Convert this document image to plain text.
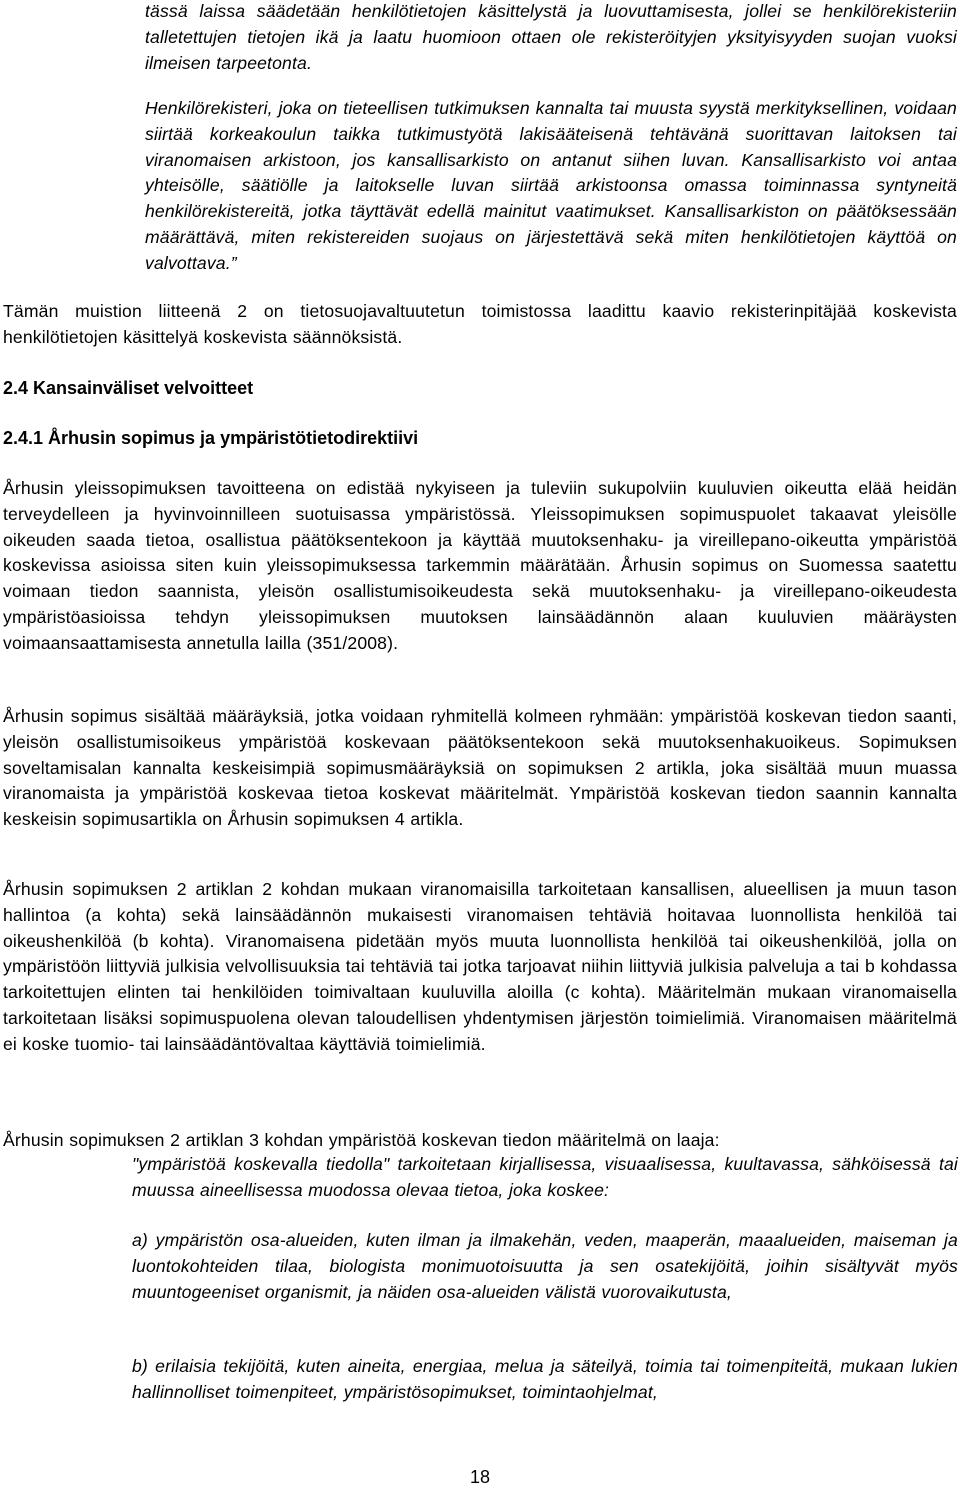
tässä laissa säädetään henkilötietojen käsittelystä ja luovuttamisesta, jollei se henkilörekisteriin talletettujen tietojen ikä ja laatu huomioon ottaen ole rekisteröityjen yksityisyyden suojan vuoksi ilmeisen tarpeetonta.

Henkilörekisteri, joka on tieteellisen tutkimuksen kannalta tai muusta syystä merkityksellinen, voidaan siirtää korkeakoulun taikka tutkimustyötä lakisääteisenä tehtävänä suorittavan laitoksen tai viranomaisen arkistoon, jos kansallisarkisto on antanut siihen luvan. Kansallisarkisto voi antaa yhteisölle, säätiölle ja laitokselle luvan siirtää arkistoonsa omassa toiminnassa syntyneitä henkilörekistereitä, jotka täyttävät edellä mainitut vaatimukset. Kansallisarkiston on päätöksessään määrättävä, miten rekistereiden suojaus on järjestettävä sekä miten henkilötietojen käyttöä on valvottava.”

Tämän muistion liitteenä 2 on tietosuojavaltuutetun toimistossa laadittu kaavio rekisterinpitäjää koskevista henkilötietojen käsittelyä koskevista säännöksistä.

2.4 Kansainväliset velvoitteet
2.4.1 Århusin sopimus ja ympäristötietodirektiivi

Århusin yleissopimuksen tavoitteena on edistää nykyiseen ja tuleviin sukupolviin kuuluvien oikeutta elää heidän terveydelleen ja hyvinvoinnilleen suotuisassa ympäristössä. Yleissopimuksen sopimuspuolet takaavat yleisölle oikeuden saada tietoa, osallistua päätöksentekoon ja käyttää muutoksenhaku- ja vireillepano-oikeutta ympäristöä koskevissa asioissa siten kuin yleissopimuksessa tarkemmin määrätään. Århusin sopimus on Suomessa saatettu voimaan tiedon saannista, yleisön osallistumisoikeudesta sekä muutoksenhaku- ja vireillepano-oikeudesta ympäristöasioissa tehdyn yleissopimuksen muutoksen lainsäädännön alaan kuuluvien määräysten voimaansaattamisesta annetulla lailla (351/2008).

Århusin sopimus sisältää määräyksiä, jotka voidaan ryhmitellä kolmeen ryhmään: ympäristöä koskevan tiedon saanti, yleisön osallistumisoikeus ympäristöä koskevaan päätöksentekoon sekä muutoksenhakuoikeus. Sopimuksen soveltamisalan kannalta keskeisimpiä sopimusmääräyksiä on sopimuksen 2 artikla, joka sisältää muun muassa viranomaista ja ympäristöä koskevaa tietoa koskevat määritelmät. Ympäristöä koskevan tiedon saannin kannalta keskeisin sopimusartikla on Århusin sopimuksen 4 artikla.

Århusin sopimuksen 2 artiklan 2 kohdan mukaan viranomaisilla tarkoitetaan kansallisen, alueellisen ja muun tason hallintoa (a kohta) sekä lainsäädännön mukaisesti viranomaisen tehtäviä hoitavaa luonnollista henkilöä tai oikeushenkilöä (b kohta). Viranomaisena pidetään myös muuta luonnollista henkilöä tai oikeushenkilöä, jolla on ympäristöön liittyviä julkisia velvollisuuksia tai tehtäviä tai jotka tarjoavat niihin liittyviä julkisia palveluja a tai b kohdassa tarkoitettujen elinten tai henkilöiden toimivaltaan kuuluvilla aloilla (c kohta). Määritelmän mukaan viranomaisella tarkoitetaan lisäksi sopimuspuolena olevan taloudellisen yhdentymisen järjestön toimielimiä. Viranomaisen määritelmä ei koske tuomio- tai lainsäädäntövaltaa käyttäviä toimielimiä.

Århusin sopimuksen 2 artiklan 3 kohdan ympäristöä koskevan tiedon määritelmä on laaja:

"ympäristöä koskevalla tiedolla" tarkoitetaan kirjallisessa, visuaalisessa, kuultavassa, sähköisessä tai muussa aineellisessa muodossa olevaa tietoa, joka koskee:

a) ympäristön osa-alueiden, kuten ilman ja ilmakehän, veden, maaperän, maaalueiden, maiseman ja luontokohteiden tilaa, biologista monimuotoisuutta ja sen osatekijöitä, joihin sisältyvät myös muuntogeeniset organismit, ja näiden osa-alueiden välistä vuorovaikutusta,

b) erilaisia tekijöitä, kuten aineita, energiaa, melua ja säteilyä, toimia tai toimenpiteitä, mukaan lukien hallinnolliset toimenpiteet, ympäristösopimukset, toimintaohjelmat,

18
